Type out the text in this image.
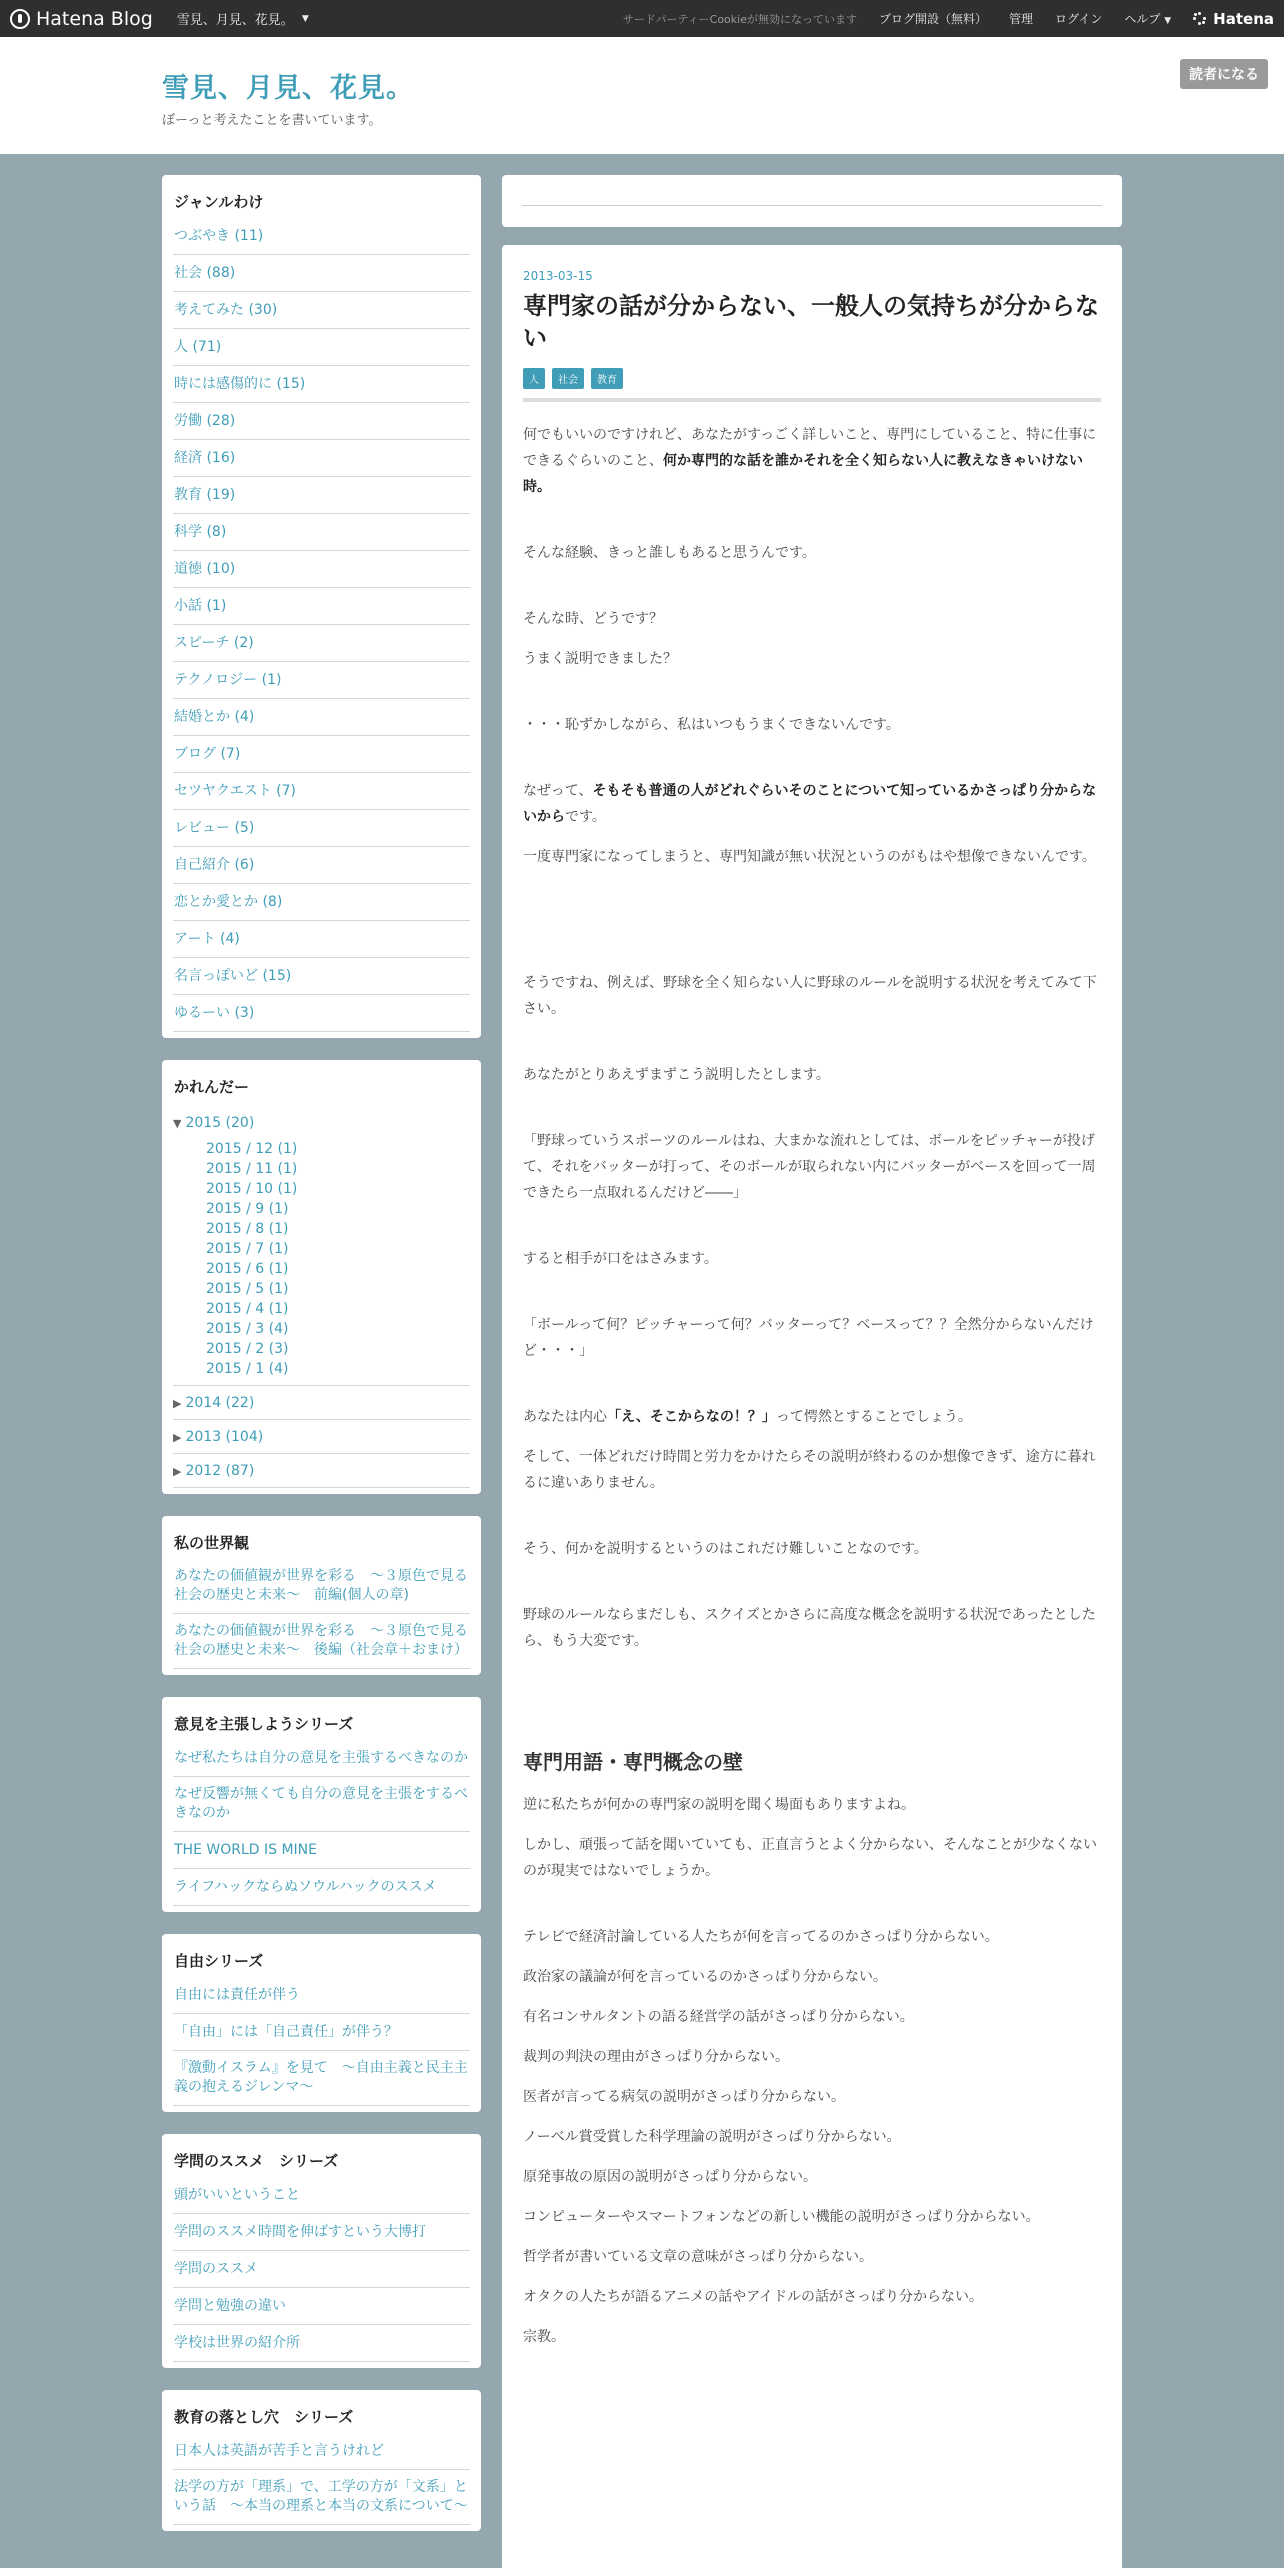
Hatena Blog 雪見、月見、花見。 ▼	サードパーティーCookieが無効になっています ブログ開設（無料） 管理 ログイン ヘルプ ▼	Hatena
雪見、月見、花見。
ぼーっと考えたことを書いています。
読者になる
ジャンルわけ
つぶやき (11)
社会 (88)
考えてみた (30)
人 (71)
時には感傷的に (15)
労働 (28)
経済 (16)
教育 (19)
科学 (8)
道徳 (10)
小話 (1)
スピーチ (2)
テクノロジー (1)
結婚とか (4)
ブログ (7)
セツヤクエスト (7)
レビュー (5)
自己紹介 (6)
恋とか愛とか (8)
アート (4)
名言っぽいど (15)
ゆるーい (3)
かれんだー
▼ 2015 (20)
2015 / 12 (1)
2015 / 11 (1)
2015 / 10 (1)
2015 / 9 (1)
2015 / 8 (1)
2015 / 7 (1)
2015 / 6 (1)
2015 / 5 (1)
2015 / 4 (1)
2015 / 3 (4)
2015 / 2 (3)
2015 / 1 (4)
▶ 2014 (22)
▶ 2013 (104)
▶ 2012 (87)
私の世界観
あなたの価値観が世界を彩る　～３原色で見る社会の歴史と未来～　前編(個人の章)
あなたの価値観が世界を彩る　～３原色で見る社会の歴史と未来～　後編（社会章＋おまけ）
意見を主張しようシリーズ
なぜ私たちは自分の意見を主張するべきなのか
なぜ反響が無くても自分の意見を主張をするべきなのか
THE WORLD IS MINE
ライフハックならぬソウルハックのススメ
自由シリーズ
自由には責任が伴う
「自由」には「自己責任」が伴う？
『激動イスラム』を見て　～自由主義と民主主義の抱えるジレンマ～
学問のススメ　シリーズ
頭がいいということ
学問のススメ時間を伸ばすという大博打
学問のススメ
学問と勉強の違い
学校は世界の紹介所
教育の落とし穴　シリーズ
日本人は英語が苦手と言うけれど
法学の方が「理系」で、工学の方が「文系」という話　～本当の理系と本当の文系について～
2013-03-15
専門家の話が分からない、一般人の気持ちが分からない
人	社会	教育

何でもいいのですけれど、あなたがすっごく詳しいこと、専門にしていること、特に仕事にできるぐらいのこと、何か専門的な話を誰かそれを全く知らない人に教えなきゃいけない時。

そんな経験、きっと誰しもあると思うんです。

そんな時、どうです？

うまく説明できました？

・・・恥ずかしながら、私はいつもうまくできないんです。

なぜって、そもそも普通の人がどれぐらいそのことについて知っているかさっぱり分からないからです。

一度専門家になってしまうと、専門知識が無い状況というのがもはや想像できないんです。

そうですね、例えば、野球を全く知らない人に野球のルールを説明する状況を考えてみて下さい。

あなたがとりあえずまずこう説明したとします。

「野球っていうスポーツのルールはね、大まかな流れとしては、ボールをピッチャーが投げて、それをバッターが打って、そのボールが取られない内にバッターがベースを回って一周できたら一点取れるんだけど――」

すると相手が口をはさみます。

「ボールって何？ピッチャーって何？バッターって？ベースって？？全然分からないんだけど・・・」

あなたは内心「え、そこからなの！？」って愕然とすることでしょう。

そして、一体どれだけ時間と労力をかけたらその説明が終わるのか想像できず、途方に暮れるに違いありません。

そう、何かを説明するというのはこれだけ難しいことなのです。

野球のルールならまだしも、スクイズとかさらに高度な概念を説明する状況であったとしたら、もう大変です。

専門用語・専門概念の壁

逆に私たちが何かの専門家の説明を聞く場面もありますよね。

しかし、頑張って話を聞いていても、正直言うとよく分からない、そんなことが少なくないのが現実ではないでしょうか。

テレビで経済討論している人たちが何を言ってるのかさっぱり分からない。

政治家の議論が何を言っているのかさっぱり分からない。

有名コンサルタントの語る経営学の話がさっぱり分からない。

裁判の判決の理由がさっぱり分からない。

医者が言ってる病気の説明がさっぱり分からない。

ノーベル賞受賞した科学理論の説明がさっぱり分からない。

原発事故の原因の説明がさっぱり分からない。

コンピューターやスマートフォンなどの新しい機能の説明がさっぱり分からない。

哲学者が書いている文章の意味がさっぱり分からない。

オタクの人たちが語るアニメの話やアイドルの話がさっぱり分からない。

宗教。
